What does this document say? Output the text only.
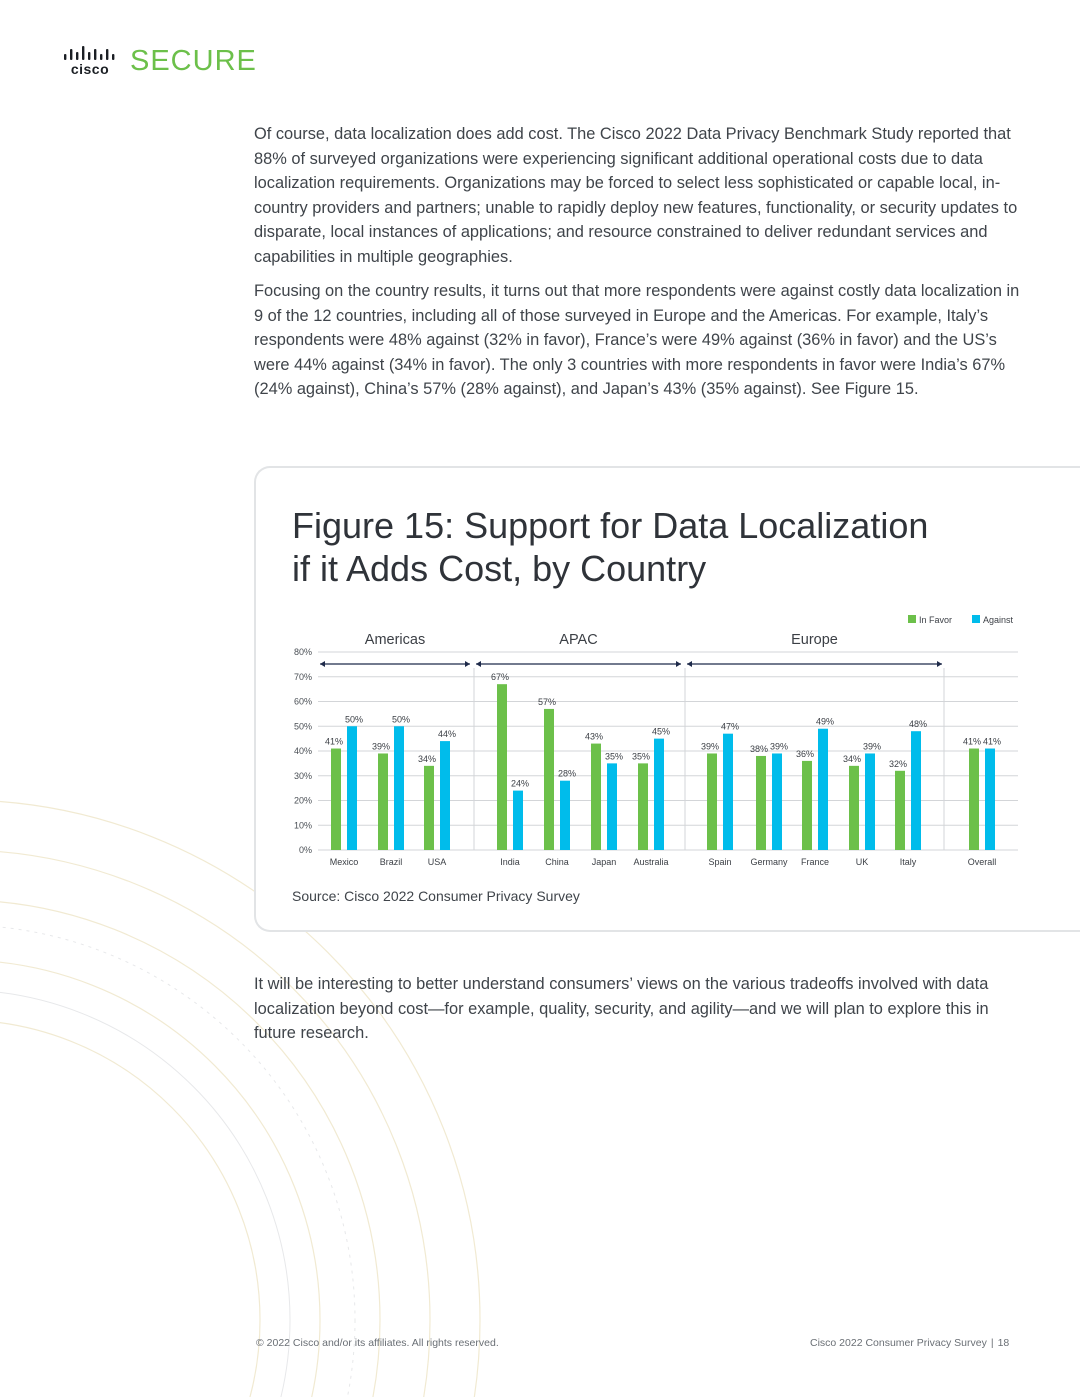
cisco SECURE

Of course, data localization does add cost. The Cisco 2022 Data Privacy Benchmark Study reported that 88% of surveyed organizations were experiencing significant additional operational costs due to data localization requirements. Organizations may be forced to select less sophisticated or capable local, in-country providers and partners; unable to rapidly deploy new features, functionality, or security updates to disparate, local instances of applications; and resource constrained to deliver redundant services and capabilities in multiple geographies.

Focusing on the country results, it turns out that more respondents were against costly data localization in 9 of the 12 countries, including all of those surveyed in Europe and the Americas. For example, Italy’s respondents were 48% against (32% in favor), France’s were 49% against (36% in favor) and the US’s were 44% against (34% in favor). The only 3 countries with more respondents in favor were India’s 67% (24% against), China’s 57% (28% against), and Japan’s 43% (35% against). See Figure 15.

Figure 15: Support for Data Localization
if it Adds Cost, by Country
0%
10%
20%
30%
40%
50%
60%
70%
80%
Americas	APAC	Europe
41%
50%
Mexico
39%
50%
Brazil
34%
44%
USA
67%
24%
India
57%
28%
China
43%
35%
Japan
35%
45%
Australia
39%
47%
Spain
38% 39%
Germany
36%
49%
France
34%
39%
UK
32%
48%
Italy
41% 41%
Overall
In Favor	Against

Source: Cisco 2022 Consumer Privacy Survey

It will be interesting to better understand consumers’ views on the various tradeoffs involved with data localization beyond cost—for example, quality, security, and agility—and we will plan to explore this in future research.

© 2022 Cisco and/or its affiliates. All rights reserved.	Cisco 2022 Consumer Privacy Survey | 18
